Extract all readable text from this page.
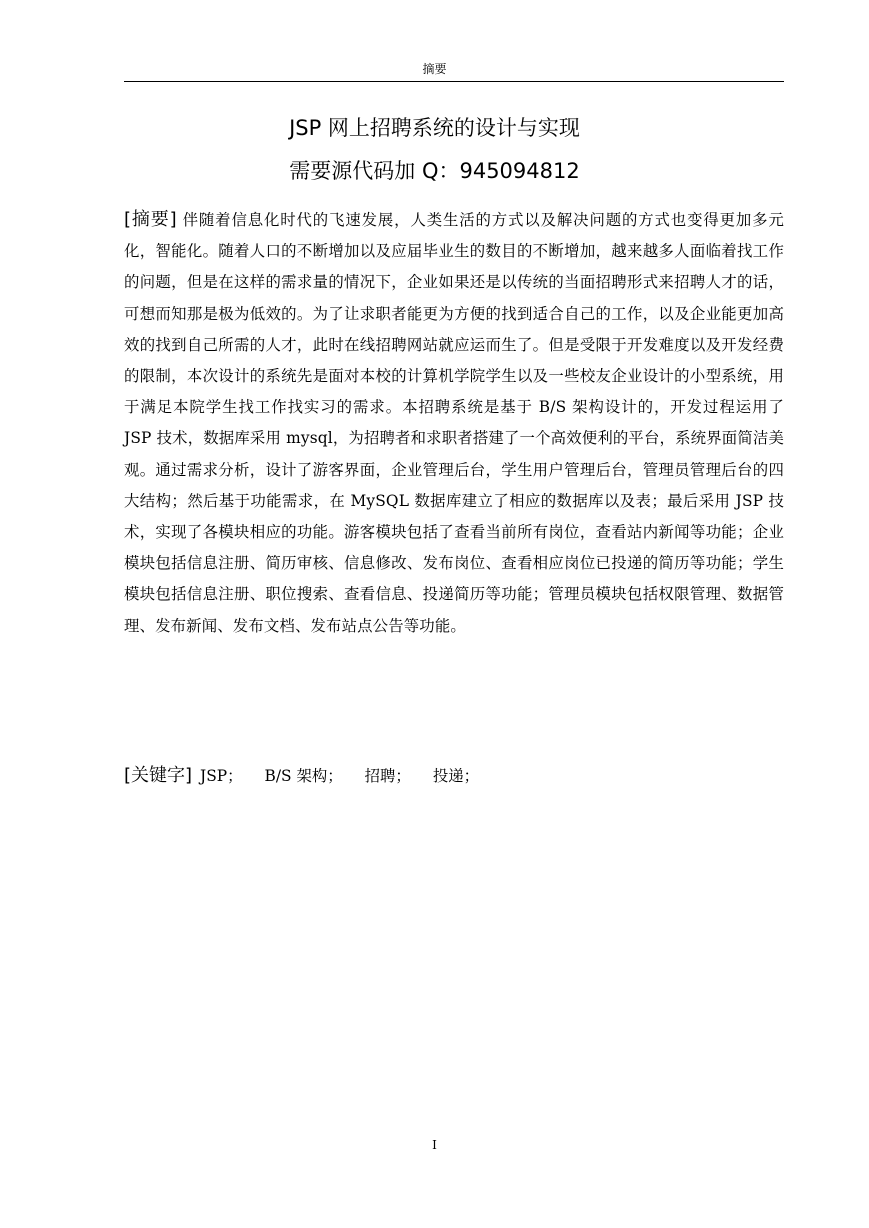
摘要
JSP 网上招聘系统的设计与实现
需要源代码加 Q：945094812

[摘要] 伴随着信息化时代的飞速发展，人类生活的方式以及解决问题的方式也变得更加多元化，智能化。随着人口的不断增加以及应届毕业生的数目的不断增加，越来越多人面临着找工作的问题，但是在这样的需求量的情况下，企业如果还是以传统的当面招聘形式来招聘人才的话，可想而知那是极为低效的。为了让求职者能更为方便的找到适合自己的工作，以及企业能更加高效的找到自己所需的人才，此时在线招聘网站就应运而生了。但是受限于开发难度以及开发经费的限制，本次设计的系统先是面对本校的计算机学院学生以及一些校友企业设计的小型系统，用于满足本院学生找工作找实习的需求。本招聘系统是基于 B/S 架构设计的，开发过程运用了 JSP 技术，数据库采用 mysql，为招聘者和求职者搭建了一个高效便利的平台，系统界面简洁美观。通过需求分析，设计了游客界面，企业管理后台，学生用户管理后台，管理员管理后台的四大结构；然后基于功能需求，在 MySQL 数据库建立了相应的数据库以及表；最后采用 JSP 技术，实现了各模块相应的功能。游客模块包括了查看当前所有岗位，查看站内新闻等功能；企业模块包括信息注册、简历审核、信息修改、发布岗位、查看相应岗位已投递的简历等功能；学生模块包括信息注册、职位搜索、查看信息、投递简历等功能；管理员模块包括权限管理、数据管理、发布新闻、发布文档、发布站点公告等功能。

[关键字] JSP； B/S 架构； 招聘； 投递；

I
